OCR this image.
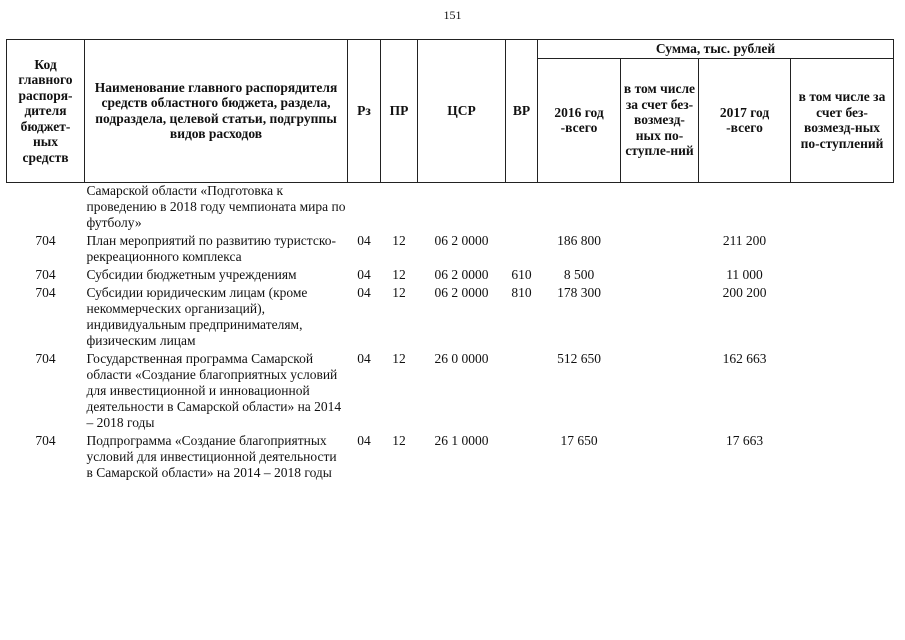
151
Код главного распоря-дителя бюджет-ных средств	Наименование главного распорядителя средств областного бюджета, раздела, подраздела, целевой статьи, подгруппы видов расходов	Рз	ПР	ЦСР	ВР	Сумма, тыс. рублей			
						2016 год -всего	в том числе за счет без-возмезд-ных по-ступле-ний	2017 год -всего	в том числе за счет без-возмезд-ных по-ступлений
	Самарской области «Подготовка к проведению в 2018 году чемпионата мира по футболу»								
704	План мероприятий по развитию туристско-рекреационного комплекса	04	12	06 2 0000		186 800		211 200	
704	Субсидии бюджетным учреждениям	04	12	06 2 0000	610	8 500		11 000	
704	Субсидии юридическим лицам (кроме некоммерческих организаций), индивидуальным предпринимателям, физическим лицам	04	12	06 2 0000	810	178 300		200 200	
704	Государственная программа Самарской области «Создание благоприятных условий для инвестиционной и инновационной деятельности в Самарской области» на 2014 – 2018 годы	04	12	26 0 0000		512 650		162 663	
704	Подпрограмма «Создание благоприятных условий для инвестиционной деятельности в Самарской области» на 2014 – 2018 годы	04	12	26 1 0000		17 650		17 663	
